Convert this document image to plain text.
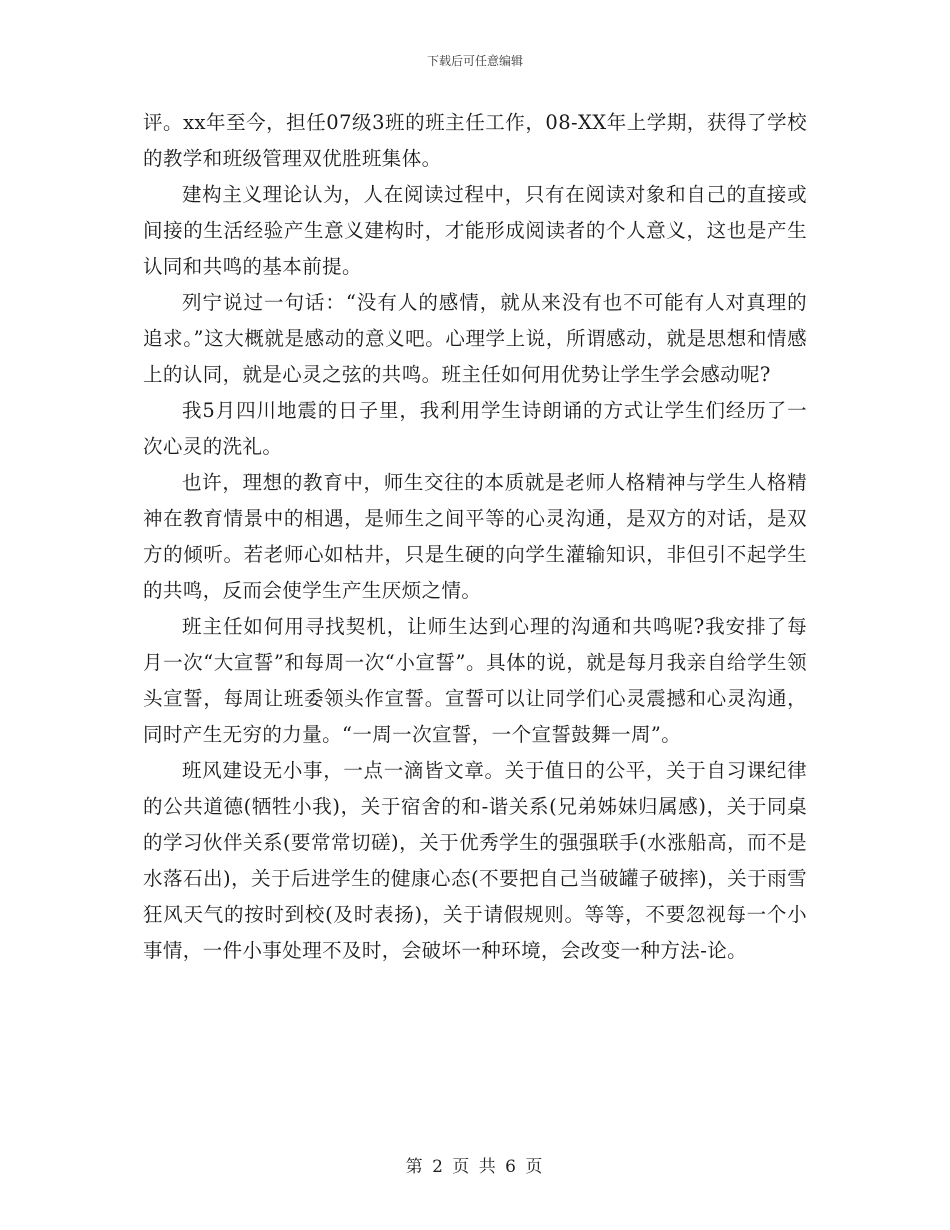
下载后可任意编辑

评。xx年至今，担任07级3班的班主任工作，08-XX年上学期，获得了学校的教学和班级管理双优胜班集体。

建构主义理论认为，人在阅读过程中，只有在阅读对象和自己的直接或间接的生活经验产生意义建构时，才能形成阅读者的个人意义，这也是产生认同和共鸣的基本前提。

列宁说过一句话：“没有人的感情，就从来没有也不可能有人对真理的追求。”这大概就是感动的意义吧。心理学上说，所谓感动，就是思想和情感上的认同，就是心灵之弦的共鸣。班主任如何用优势让学生学会感动呢?

我5月四川地震的日子里，我利用学生诗朗诵的方式让学生们经历了一次心灵的洗礼。

也许，理想的教育中，师生交往的本质就是老师人格精神与学生人格精神在教育情景中的相遇，是师生之间平等的心灵沟通，是双方的对话，是双方的倾听。若老师心如枯井，只是生硬的向学生灌输知识，非但引不起学生的共鸣，反而会使学生产生厌烦之情。

班主任如何用寻找契机，让师生达到心理的沟通和共鸣呢?我安排了每月一次“大宣誓”和每周一次“小宣誓”。具体的说，就是每月我亲自给学生领头宣誓，每周让班委领头作宣誓。宣誓可以让同学们心灵震撼和心灵沟通，同时产生无穷的力量。“一周一次宣誓，一个宣誓鼓舞一周”。

班风建设无小事，一点一滴皆文章。关于值日的公平，关于自习课纪律的公共道德(牺牲小我)，关于宿舍的和-谐关系(兄弟姊妹归属感)，关于同桌的学习伙伴关系(要常常切磋)，关于优秀学生的强强联手(水涨船高，而不是水落石出)，关于后进学生的健康心态(不要把自己当破罐子破摔)，关于雨雪狂风天气的按时到校(及时表扬)，关于请假规则。等等，不要忽视每一个小事情，一件小事处理不及时，会破坏一种环境，会改变一种方法-论。

第 2 页 共 6 页
